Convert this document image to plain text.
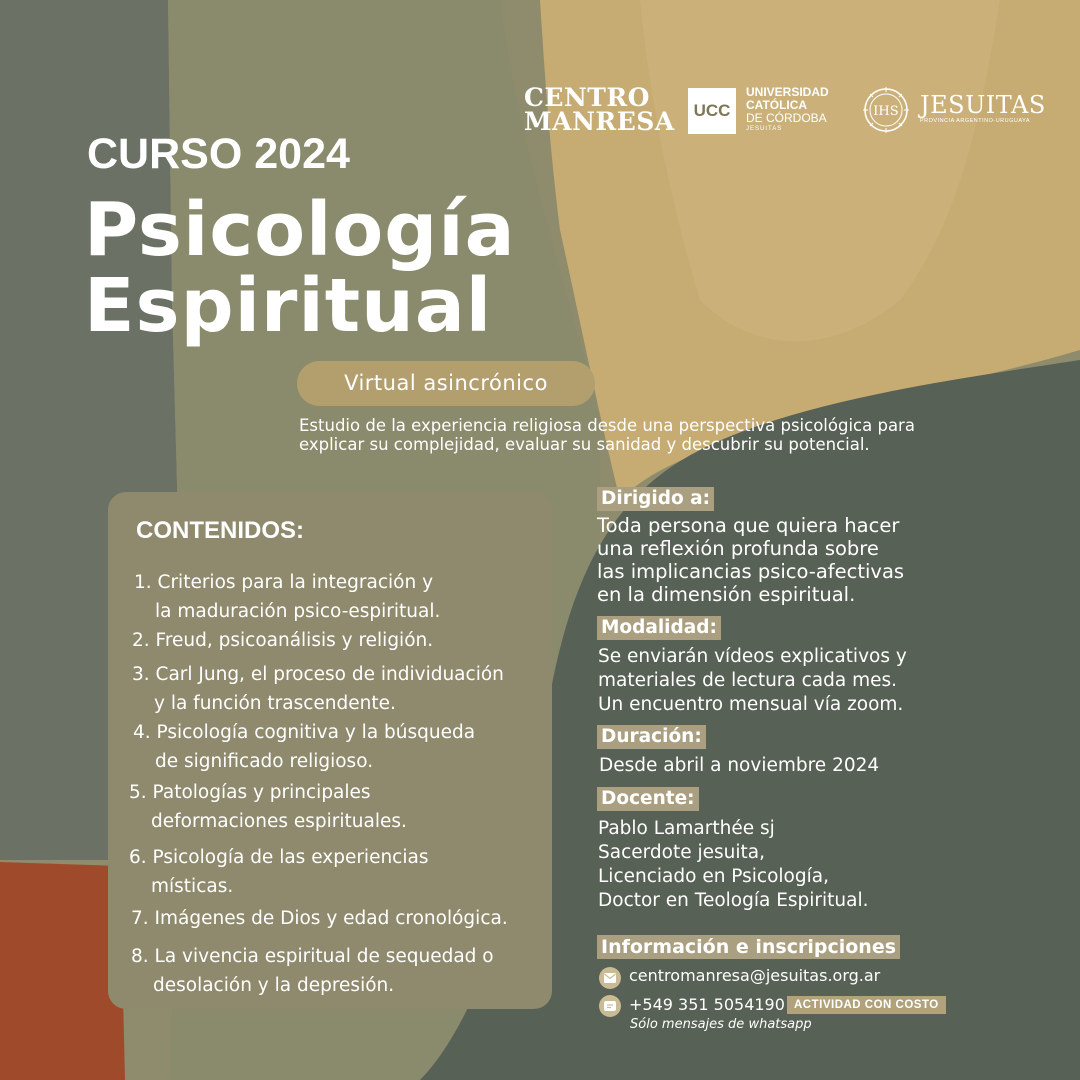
CENTRO
MANRESA	UCC
UNIVERSIDAD
CATÓLICA
DE CÓRDOBA
JESUITAS
IHS JESUITAS
PROVINCIA ARGENTINO-URUGUAYA
CURSO 2024
Psicología
Espiritual
Virtual asincrónico
Estudio de la experiencia religiosa desde una perspectiva psicológica para explicar su complejidad, evaluar su sanidad y descubrir su potencial.
CONTENIDOS:
1. Criterios para la integración y
la maduración psico-espiritual.
2. Freud, psicoanálisis y religión.
3. Carl Jung, el proceso de individuación
y la función trascendente.
4. Psicología cognitiva y la búsqueda
de significado religioso.
5. Patologías y principales
deformaciones espirituales.
6. Psicología de las experiencias
místicas.
7. Imágenes de Dios y edad cronológica.
8. La vivencia espiritual de sequedad o
desolación y la depresión.
Dirigido a:
Toda persona que quiera hacer
una reflexión profunda sobre
las implicancias psico-afectivas
en la dimensión espiritual.
Modalidad:
Se enviarán vídeos explicativos y
materiales de lectura cada mes.
Un encuentro mensual vía zoom.
Duración:
Desde abril a noviembre 2024
Docente:
Pablo Lamarthée sj
Sacerdote jesuita,
Licenciado en Psicología,
Doctor en Teología Espiritual.
Información e inscripciones
centromanresa@jesuitas.org.ar
+549 351 5054190 ACTIVIDAD CON COSTO
Sólo mensajes de whatsapp
